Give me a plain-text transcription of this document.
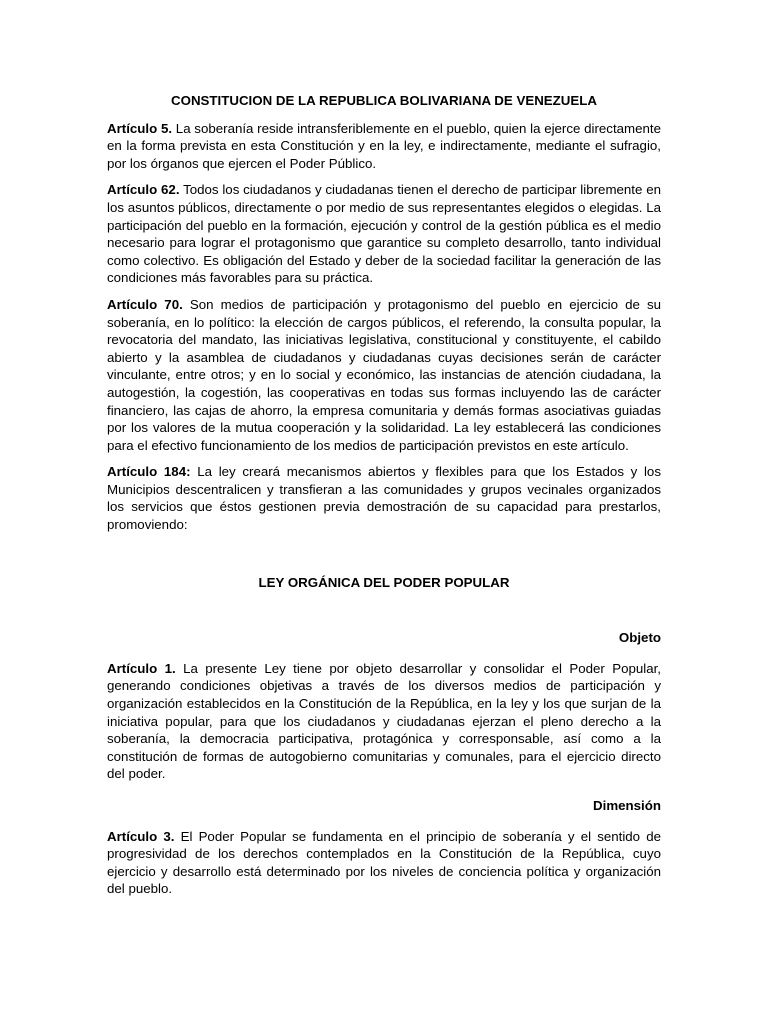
CONSTITUCION DE LA REPUBLICA BOLIVARIANA DE VENEZUELA

Artículo 5. La soberanía reside intransferiblemente en el pueblo, quien la ejerce directamente en la forma prevista en esta Constitución y en la ley, e indirectamente, mediante el sufragio, por los órganos que ejercen el Poder Público.

Artículo 62. Todos los ciudadanos y ciudadanas tienen el derecho de participar libremente en los asuntos públicos, directamente o por medio de sus representantes elegidos o elegidas. La participación del pueblo en la formación, ejecución y control de la gestión pública es el medio necesario para lograr el protagonismo que garantice su completo desarrollo, tanto individual como colectivo. Es obligación del Estado y deber de la sociedad facilitar la generación de las condiciones más favorables para su práctica.

Artículo 70. Son medios de participación y protagonismo del pueblo en ejercicio de su soberanía, en lo político: la elección de cargos públicos, el referendo, la consulta popular, la revocatoria del mandato, las iniciativas legislativa, constitucional y constituyente, el cabildo abierto y la asamblea de ciudadanos y ciudadanas cuyas decisiones serán de carácter vinculante, entre otros; y en lo social y económico, las instancias de atención ciudadana, la autogestión, la cogestión, las cooperativas en todas sus formas incluyendo las de carácter financiero, las cajas de ahorro, la empresa comunitaria y demás formas asociativas guiadas por los valores de la mutua cooperación y la solidaridad. La ley establecerá las condiciones para el efectivo funcionamiento de los medios de participación previstos en este artículo.

Artículo 184: La ley creará mecanismos abiertos y flexibles para que los Estados y los Municipios descentralicen y transfieran a las comunidades y grupos vecinales organizados los servicios que éstos gestionen previa demostración de su capacidad para prestarlos, promoviendo:

LEY ORGÁNICA DEL PODER POPULAR
Objeto

Artículo 1. La presente Ley tiene por objeto desarrollar y consolidar el Poder Popular, generando condiciones objetivas a través de los diversos medios de participación y organización establecidos en la Constitución de la República, en la ley y los que surjan de la iniciativa popular, para que los ciudadanos y ciudadanas ejerzan el pleno derecho a la soberanía, la democracia participativa, protagónica y corresponsable, así como a la constitución de formas de autogobierno comunitarias y comunales, para el ejercicio directo del poder.

Dimensión

Artículo 3. El Poder Popular se fundamenta en el principio de soberanía y el sentido de progresividad de los derechos contemplados en la Constitución de la República, cuyo ejercicio y desarrollo está determinado por los niveles de conciencia política y organización del pueblo.
